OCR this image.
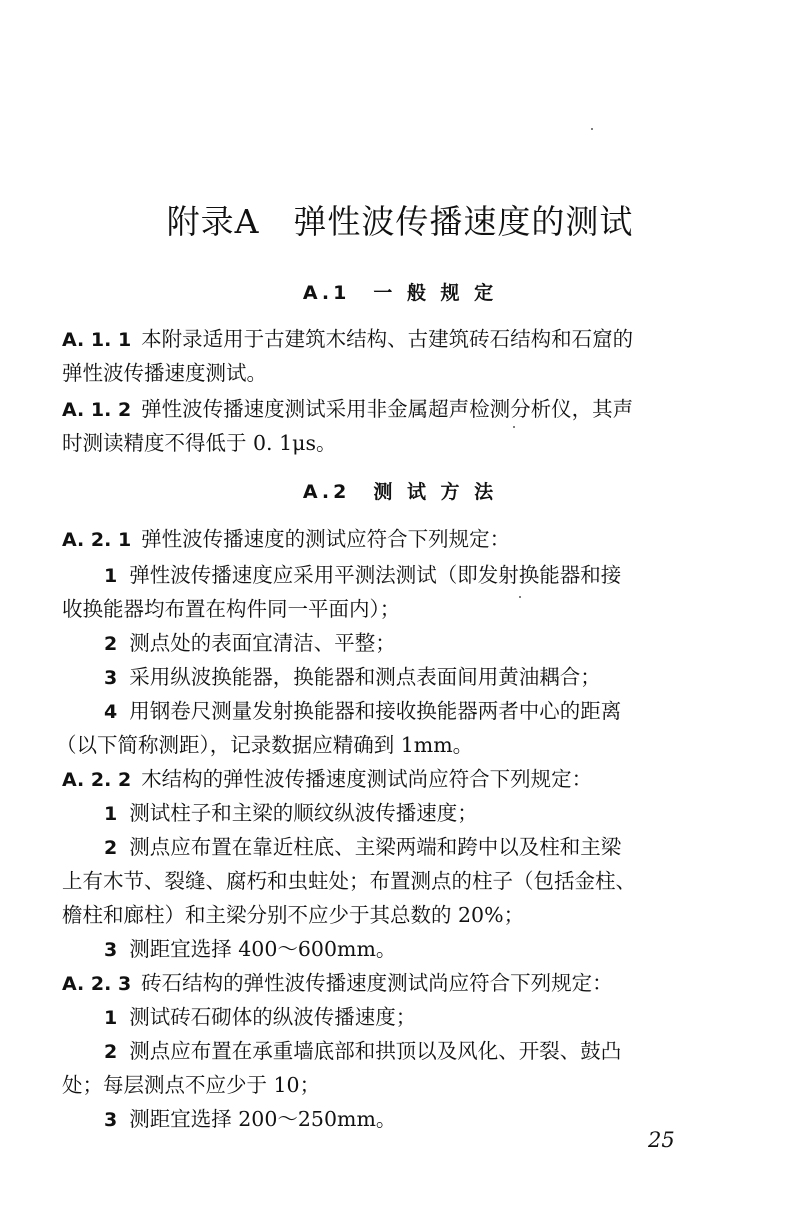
附录A　弹性波传播速度的测试
A.1　一 般 规 定
A. 1. 1 本附录适用于古建筑木结构、古建筑砖石结构和石窟的
弹性波传播速度测试。
A. 1. 2 弹性波传播速度测试采用非金属超声检测分析仪，其声
时测读精度不得低于 0. 1μs。
A.2　测 试 方 法
A. 2. 1 弹性波传播速度的测试应符合下列规定：
1 弹性波传播速度应采用平测法测试（即发射换能器和接
收换能器均布置在构件同一平面内）；
2 测点处的表面宜清洁、平整；
3 采用纵波换能器，换能器和测点表面间用黄油耦合；
4 用钢卷尺测量发射换能器和接收换能器两者中心的距离
（以下简称测距），记录数据应精确到 1mm。
A. 2. 2 木结构的弹性波传播速度测试尚应符合下列规定：
1 测试柱子和主梁的顺纹纵波传播速度；
2 测点应布置在靠近柱底、主梁两端和跨中以及柱和主梁
上有木节、裂缝、腐朽和虫蛀处；布置测点的柱子（包括金柱、
檐柱和廊柱）和主梁分别不应少于其总数的 20%；
3 测距宜选择 400～600mm。
A. 2. 3 砖石结构的弹性波传播速度测试尚应符合下列规定：
1 测试砖石砌体的纵波传播速度；
2 测点应布置在承重墙底部和拱顶以及风化、开裂、鼓凸
处；每层测点不应少于 10；
3 测距宜选择 200～250mm。
25
